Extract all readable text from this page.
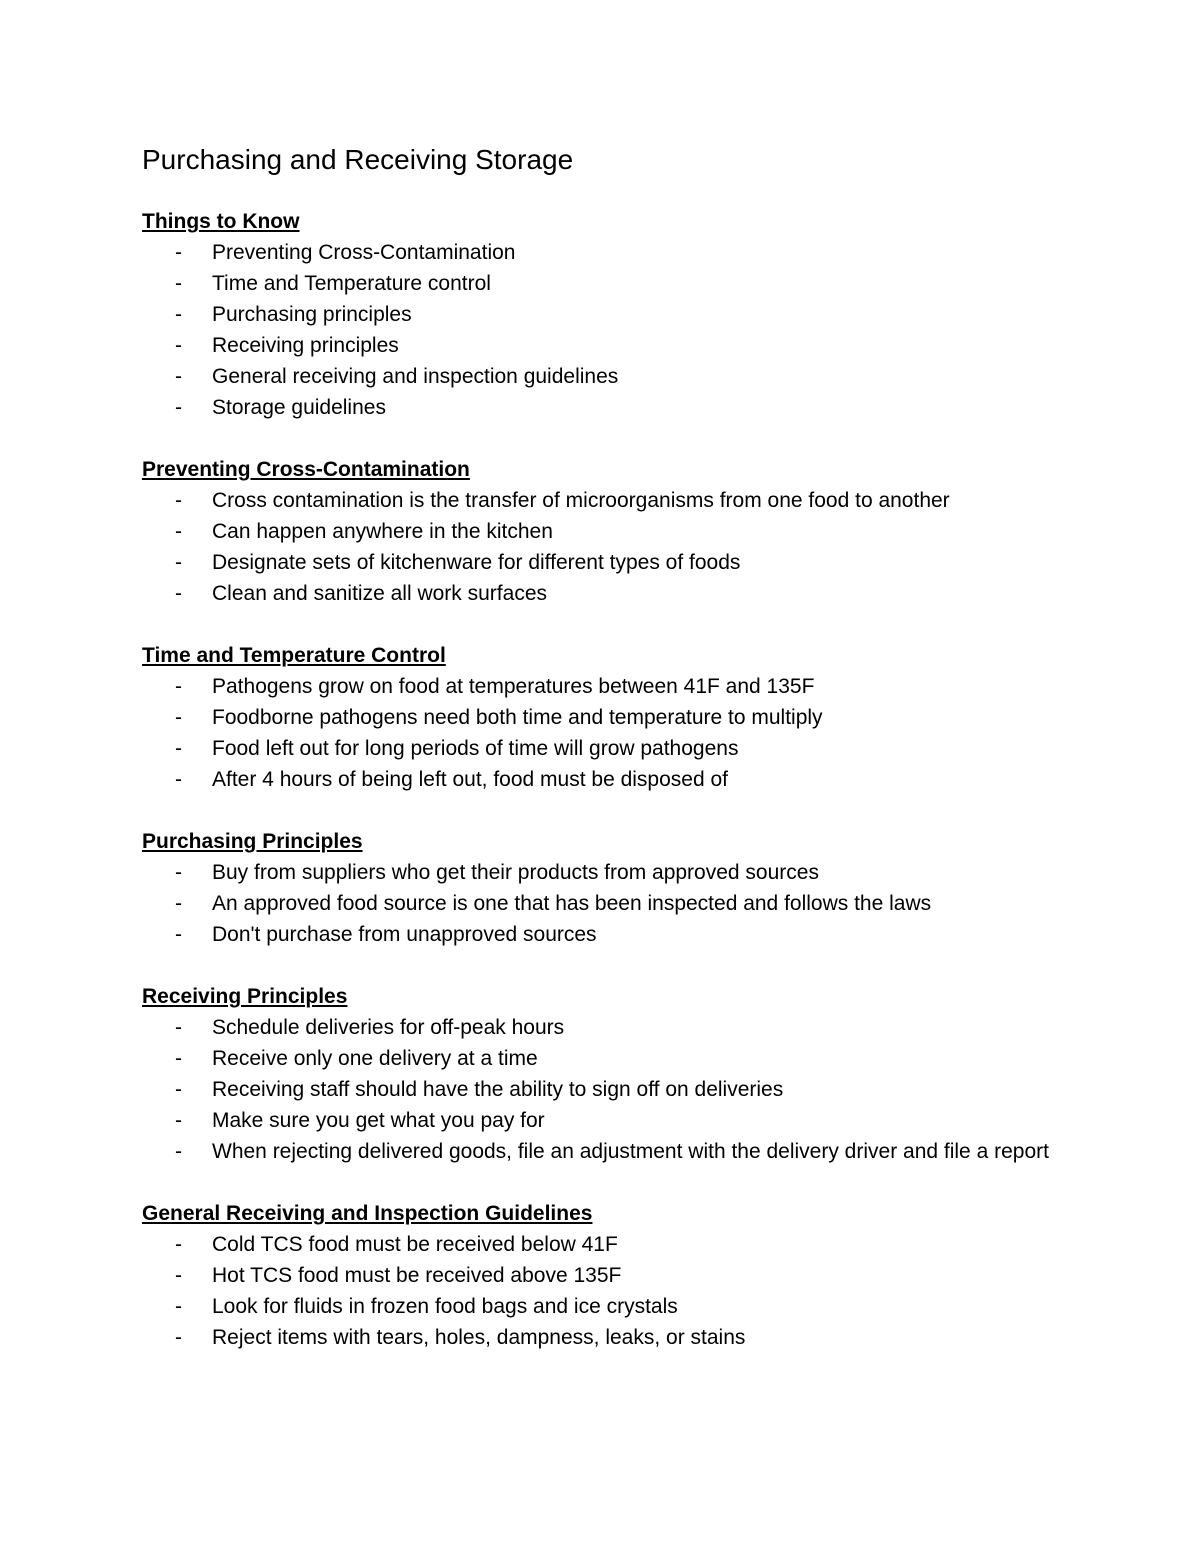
Purchasing and Receiving Storage
Things to Know
-	Preventing Cross-Contamination
-	Time and Temperature control
-	Purchasing principles
-	Receiving principles
-	General receiving and inspection guidelines
-	Storage guidelines
Preventing Cross-Contamination
-	Cross contamination is the transfer of microorganisms from one food to another
-	Can happen anywhere in the kitchen
-	Designate sets of kitchenware for different types of foods
-	Clean and sanitize all work surfaces
Time and Temperature Control
-	Pathogens grow on food at temperatures between 41F and 135F
-	Foodborne pathogens need both time and temperature to multiply
-	Food left out for long periods of time will grow pathogens
-	After 4 hours of being left out, food must be disposed of
Purchasing Principles
-	Buy from suppliers who get their products from approved sources
-	An approved food source is one that has been inspected and follows the laws
-	Don't purchase from unapproved sources
Receiving Principles
-	Schedule deliveries for off-peak hours
-	Receive only one delivery at a time
-	Receiving staff should have the ability to sign off on deliveries
-	Make sure you get what you pay for
-	When rejecting delivered goods, file an adjustment with the delivery driver and file a report
General Receiving and Inspection Guidelines
-	Cold TCS food must be received below 41F
-	Hot TCS food must be received above 135F
-	Look for fluids in frozen food bags and ice crystals
-	Reject items with tears, holes, dampness, leaks, or stains
